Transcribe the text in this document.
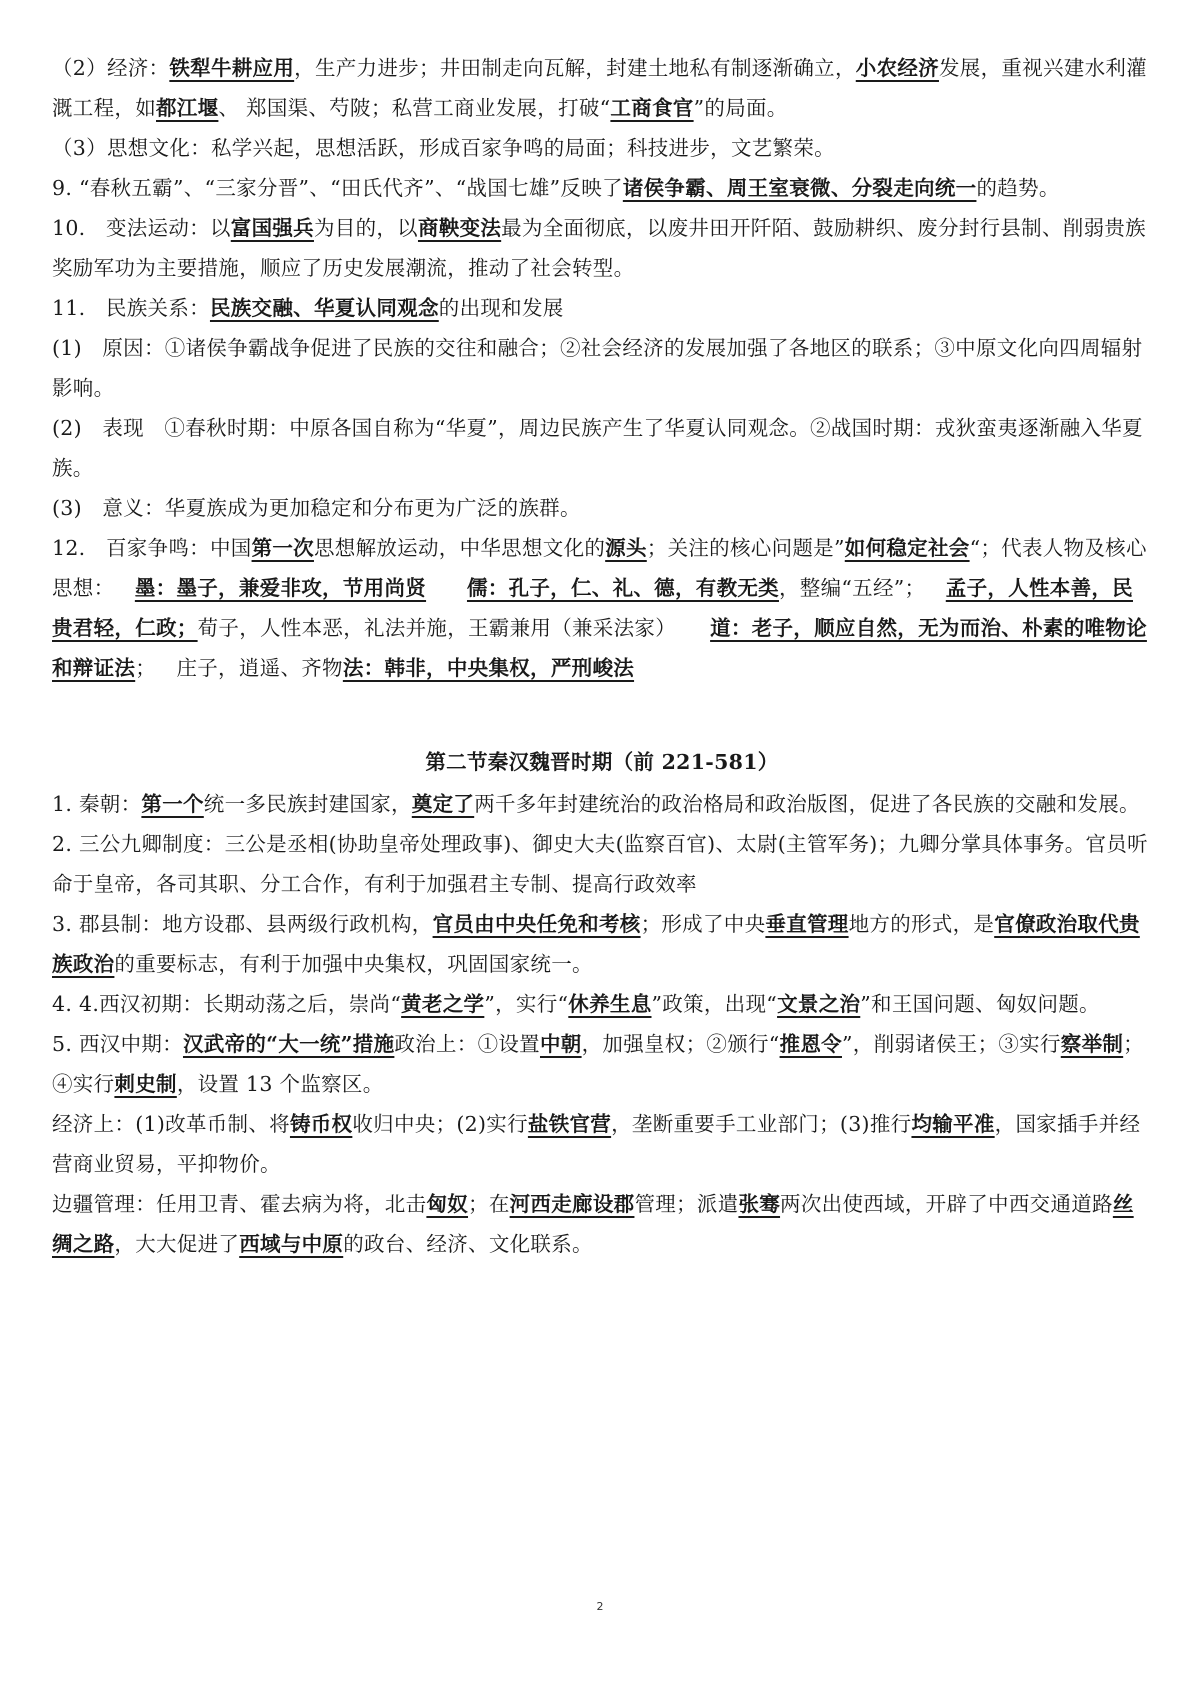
（2）经济：铁犁牛耕应用，生产力进步；井田制走向瓦解，封建土地私有制逐渐确立，小农经济发展，重视兴建水利灌溉工程，如都江堰、 郑国渠、芍陂；私营工商业发展，打破“工商食官”的局面。

（3）思想文化：私学兴起，思想活跃，形成百家争鸣的局面；科技进步，文艺繁荣。

9. “春秋五霸”、“三家分晋”、“田氏代齐”、“战国七雄”反映了诸侯争霸、周王室衰微、分裂走向统一的趋势。

10.   变法运动：以富国强兵为目的，以商鞅变法最为全面彻底，以废井田开阡陌、鼓励耕织、废分封行县制、削弱贵族奖励军功为主要措施，顺应了历史发展潮流，推动了社会转型。

11.   民族关系：民族交融、华夏认同观念的出现和发展

(1)   原因：①诸侯争霸战争促进了民族的交往和融合；②社会经济的发展加强了各地区的联系；③中原文化向四周辐射影响。

(2)   表现   ①春秋时期：中原各国自称为“华夏”，周边民族产生了华夏认同观念。②战国时期：戎狄蛮夷逐渐融入华夏族。

(3)   意义：华夏族成为更加稳定和分布更为广泛的族群。

12.   百家争鸣：中国第一次思想解放运动，中华思想文化的源头；关注的核心问题是”如何稳定社会“；代表人物及核心思想：   墨：墨子，兼爱非攻，节用尚贤 儒：孔子，仁、礼、德，有教无类，整编“五经”；   孟子，人性本善，民贵君轻，仁政；荀子，人性本恶，礼法并施，王霸兼用（兼采法家）     道：老子，顺应自然，无为而治、朴素的唯物论和辩证法；   庄子，逍遥、齐物法：韩非，中央集权，严刑峻法

第二节秦汉魏晋时期（前 221-581）

1. 秦朝：第一个统一多民族封建国家，奠定了两千多年封建统治的政治格局和政治版图，促进了各民族的交融和发展。

2. 三公九卿制度：三公是丞相(协助皇帝处理政事)、御史大夫(监察百官)、太尉(主管军务)；九卿分掌具体事务。官员听命于皇帝，各司其职、分工合作，有利于加强君主专制、提高行政效率

3. 郡县制：地方设郡、县两级行政机构，官员由中央任免和考核；形成了中央垂直管理地方的形式，是官僚政治取代贵族政治的重要标志，有利于加强中央集权，巩固国家统一。

4. 4.西汉初期：长期动荡之后，崇尚“黄老之学”，实行“休养生息”政策，出现“文景之治”和王国问题、匈奴问题。

5. 西汉中期：汉武帝的“大一统”措施政治上：①设置中朝，加强皇权；②颁行“推恩令”，削弱诸侯王；③实行察举制；④实行刺史制，设置 13 个监察区。

经济上：(1)改革币制、将铸币权收归中央；(2)实行盐铁官营，垄断重要手工业部门；(3)推行均输平准，国家插手并经营商业贸易，平抑物价。

边疆管理：任用卫青、霍去病为将，北击匈奴；在河西走廊设郡管理；派遣张骞两次出使西域，开辟了中西交通道路丝绸之路，大大促进了西域与中原的政台、经济、文化联系。

2
